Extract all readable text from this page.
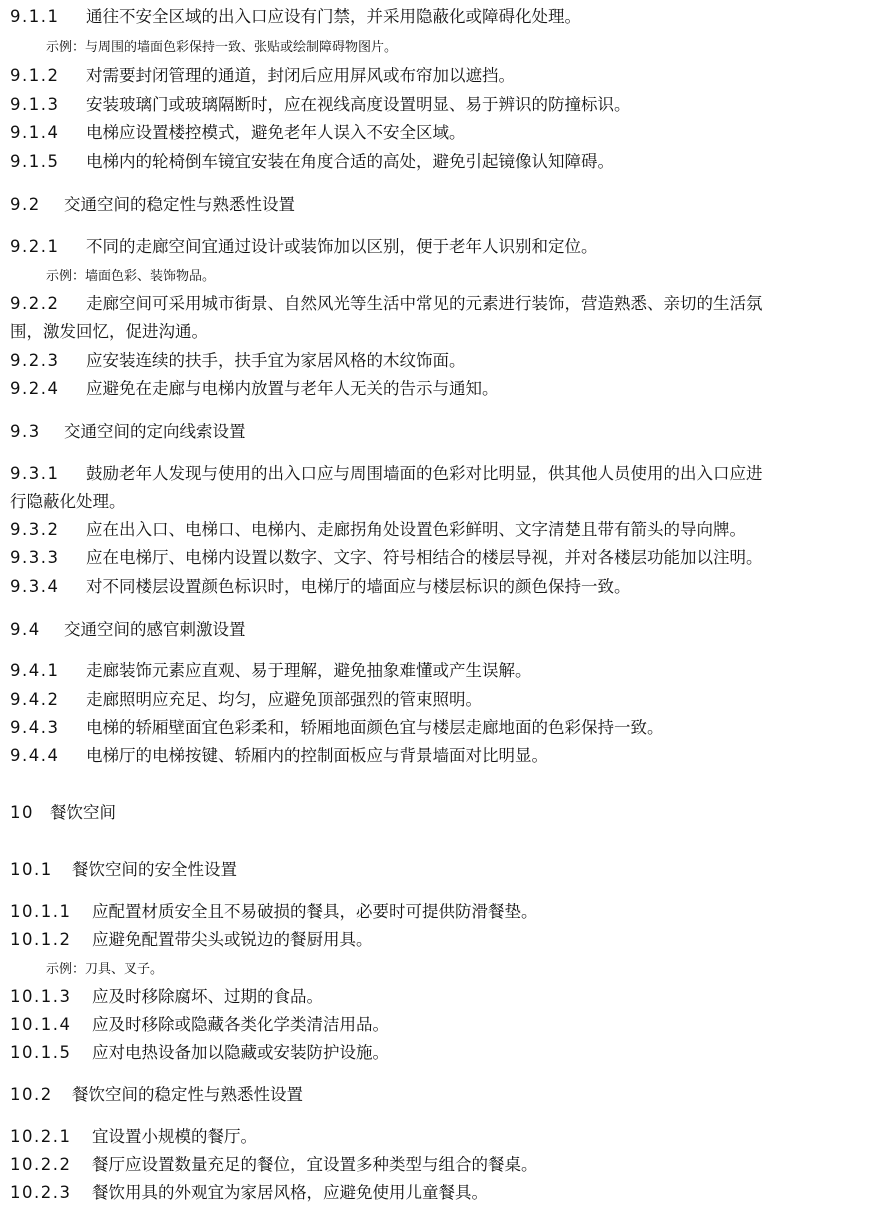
9.1.1 通往不安全区域的出入口应设有门禁，并采用隐蔽化或障碍化处理。
示例：与周围的墙面色彩保持一致、张贴或绘制障碍物图片。
9.1.2 对需要封闭管理的通道，封闭后应用屏风或布帘加以遮挡。
9.1.3 安装玻璃门或玻璃隔断时，应在视线高度设置明显、易于辨识的防撞标识。
9.1.4 电梯应设置楼控模式，避免老年人误入不安全区域。
9.1.5 电梯内的轮椅倒车镜宜安装在角度合适的高处，避免引起镜像认知障碍。
9.2 交通空间的稳定性与熟悉性设置
9.2.1 不同的走廊空间宜通过设计或装饰加以区别，便于老年人识别和定位。
示例：墙面色彩、装饰物品。
9.2.2 走廊空间可采用城市街景、自然风光等生活中常见的元素进行装饰，营造熟悉、亲切的生活氛
围，激发回忆，促进沟通。
9.2.3 应安装连续的扶手，扶手宜为家居风格的木纹饰面。
9.2.4 应避免在走廊与电梯内放置与老年人无关的告示与通知。
9.3 交通空间的定向线索设置
9.3.1 鼓励老年人发现与使用的出入口应与周围墙面的色彩对比明显，供其他人员使用的出入口应进
行隐蔽化处理。
9.3.2 应在出入口、电梯口、电梯内、走廊拐角处设置色彩鲜明、文字清楚且带有箭头的导向牌。
9.3.3 应在电梯厅、电梯内设置以数字、文字、符号相结合的楼层导视，并对各楼层功能加以注明。
9.3.4 对不同楼层设置颜色标识时，电梯厅的墙面应与楼层标识的颜色保持一致。
9.4 交通空间的感官刺激设置
9.4.1 走廊装饰元素应直观、易于理解，避免抽象难懂或产生误解。
9.4.2 走廊照明应充足、均匀，应避免顶部强烈的管束照明。
9.4.3 电梯的轿厢壁面宜色彩柔和，轿厢地面颜色宜与楼层走廊地面的色彩保持一致。
9.4.4 电梯厅的电梯按键、轿厢内的控制面板应与背景墙面对比明显。
10 餐饮空间
10.1 餐饮空间的安全性设置
10.1.1 应配置材质安全且不易破损的餐具，必要时可提供防滑餐垫。
10.1.2 应避免配置带尖头或锐边的餐厨用具。
示例：刀具、叉子。
10.1.3 应及时移除腐坏、过期的食品。
10.1.4 应及时移除或隐藏各类化学类清洁用品。
10.1.5 应对电热设备加以隐藏或安装防护设施。
10.2 餐饮空间的稳定性与熟悉性设置
10.2.1 宜设置小规模的餐厅。
10.2.2 餐厅应设置数量充足的餐位，宜设置多种类型与组合的餐桌。
10.2.3 餐饮用具的外观宜为家居风格，应避免使用儿童餐具。
